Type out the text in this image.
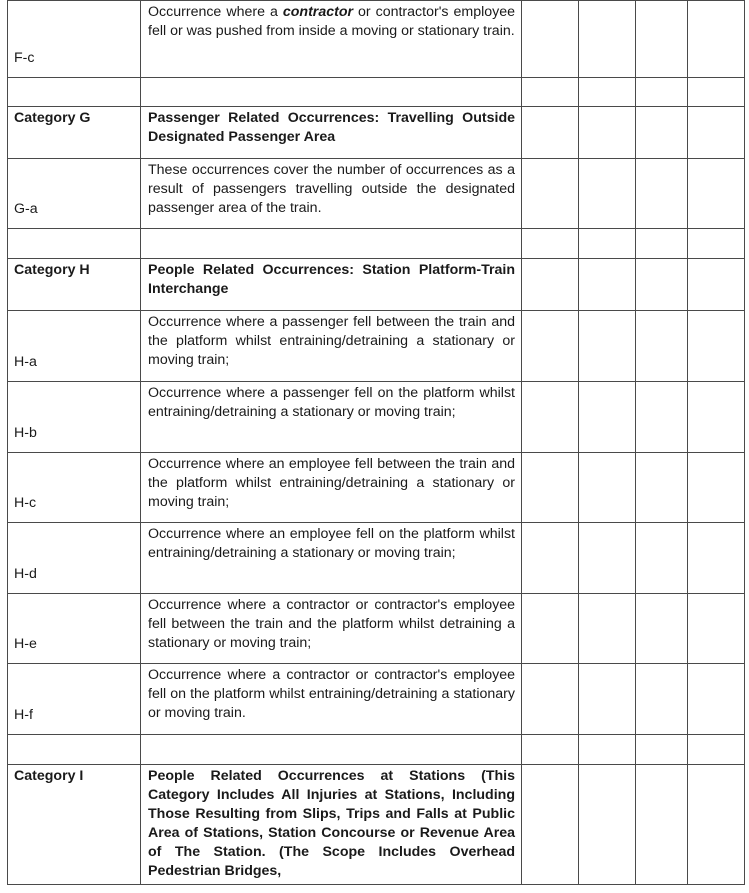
F-c	Occurrence where a contractor or contractor's employee fell or was pushed from inside a moving or stationary train.				

Category G	Passenger Related Occurrences: Travelling Outside Designated Passenger Area				

G-a	These occurrences cover the number of occurrences as a result of passengers travelling outside the designated passenger area of the train.				

Category H	People Related Occurrences: Station Platform-Train Interchange				

H-a	Occurrence where a passenger fell between the train and the platform whilst entraining/detraining a stationary or moving train;				

H-b	Occurrence where a passenger fell on the platform whilst entraining/detraining a stationary or moving train;				

H-c	Occurrence where an employee fell between the train and the platform whilst entraining/detraining a stationary or moving train;				

H-d	Occurrence where an employee fell on the platform whilst entraining/detraining a stationary or moving train;				

H-e	Occurrence where a contractor or contractor's employee fell between the train and the platform whilst detraining a stationary or moving train;				

H-f	Occurrence where a contractor or contractor's employee fell on the platform whilst entraining/detraining a stationary or moving train.				

Category I	People Related Occurrences at Stations (This Category Includes All Injuries at Stations, Including Those Resulting from Slips, Trips and Falls at Public Area of Stations, Station Concourse or Revenue Area of The Station. (The Scope Includes Overhead Pedestrian Bridges,				
